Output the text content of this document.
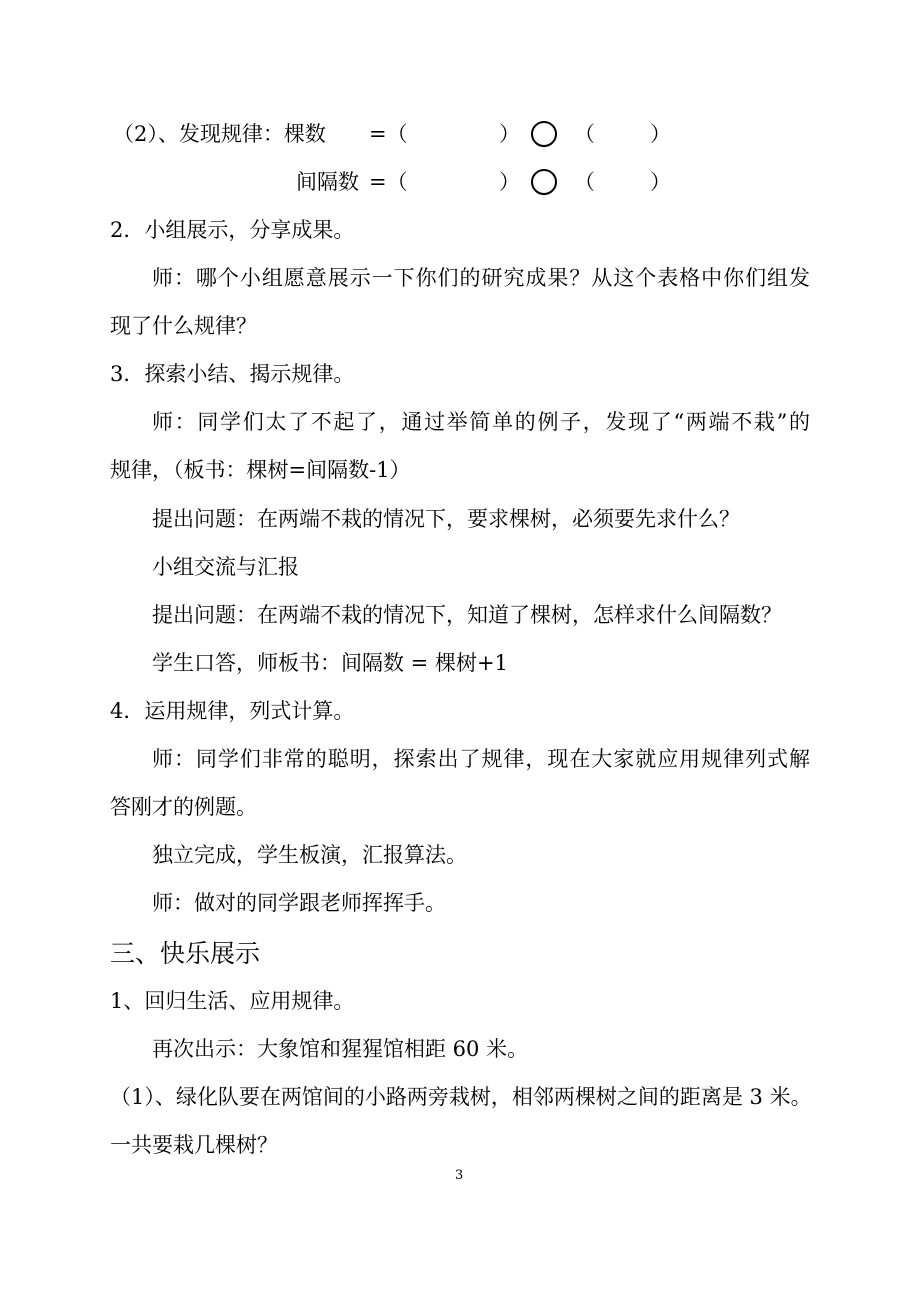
（2）、发现规律：棵数 =（	）	（	）
间隔数 =（	）	（	）
2．小组展示，分享成果。
师：哪个小组愿意展示一下你们的研究成果？从这个表格中你们组发
现了什么规律？
3．探索小结、揭示规律。
师：同学们太了不起了，通过举简单的例子，发现了“两端不栽”的
规律，（板书：棵树=间隔数-1）
提出问题：在两端不栽的情况下，要求棵树，必须要先求什么？
小组交流与汇报
提出问题：在两端不栽的情况下，知道了棵树，怎样求什么间隔数？
学生口答，师板书：间隔数 = 棵树+1
4．运用规律，列式计算。
师：同学们非常的聪明，探索出了规律，现在大家就应用规律列式解
答刚才的例题。
独立完成，学生板演，汇报算法。
师：做对的同学跟老师挥挥手。
三、快乐展示
1、回归生活、应用规律。
再次出示：大象馆和猩猩馆相距 60 米。
（1）、绿化队要在两馆间的小路两旁栽树，相邻两棵树之间的距离是 3 米。
一共要栽几棵树？
3
